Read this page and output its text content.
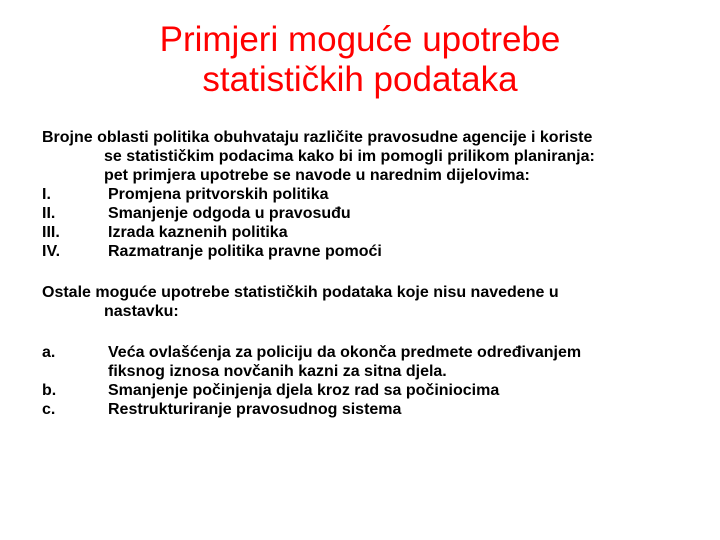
Primjeri moguće upotrebe
statističkih podataka

Brojne oblasti politika obuhvataju različite pravosudne agencije i koriste
se statističkim podacima kako bi im pomogli prilikom planiranja:
pet primjera upotrebe se navode u narednim dijelovima:

I.	Promjena pritvorskih politika
II.	Smanjenje odgoda u pravosuđu
III.	Izrada kaznenih politika
IV.	Razmatranje politika pravne pomoći

Ostale moguće upotrebe statističkih podataka koje nisu navedene u
nastavku:

a.	Veća ovlašćenja za policiju da okonča predmete određivanjem
fiksnog iznosa novčanih kazni za sitna djela.
b.	Smanjenje počinjenja djela kroz rad sa počiniocima
c.	Restrukturiranje pravosudnog sistema
